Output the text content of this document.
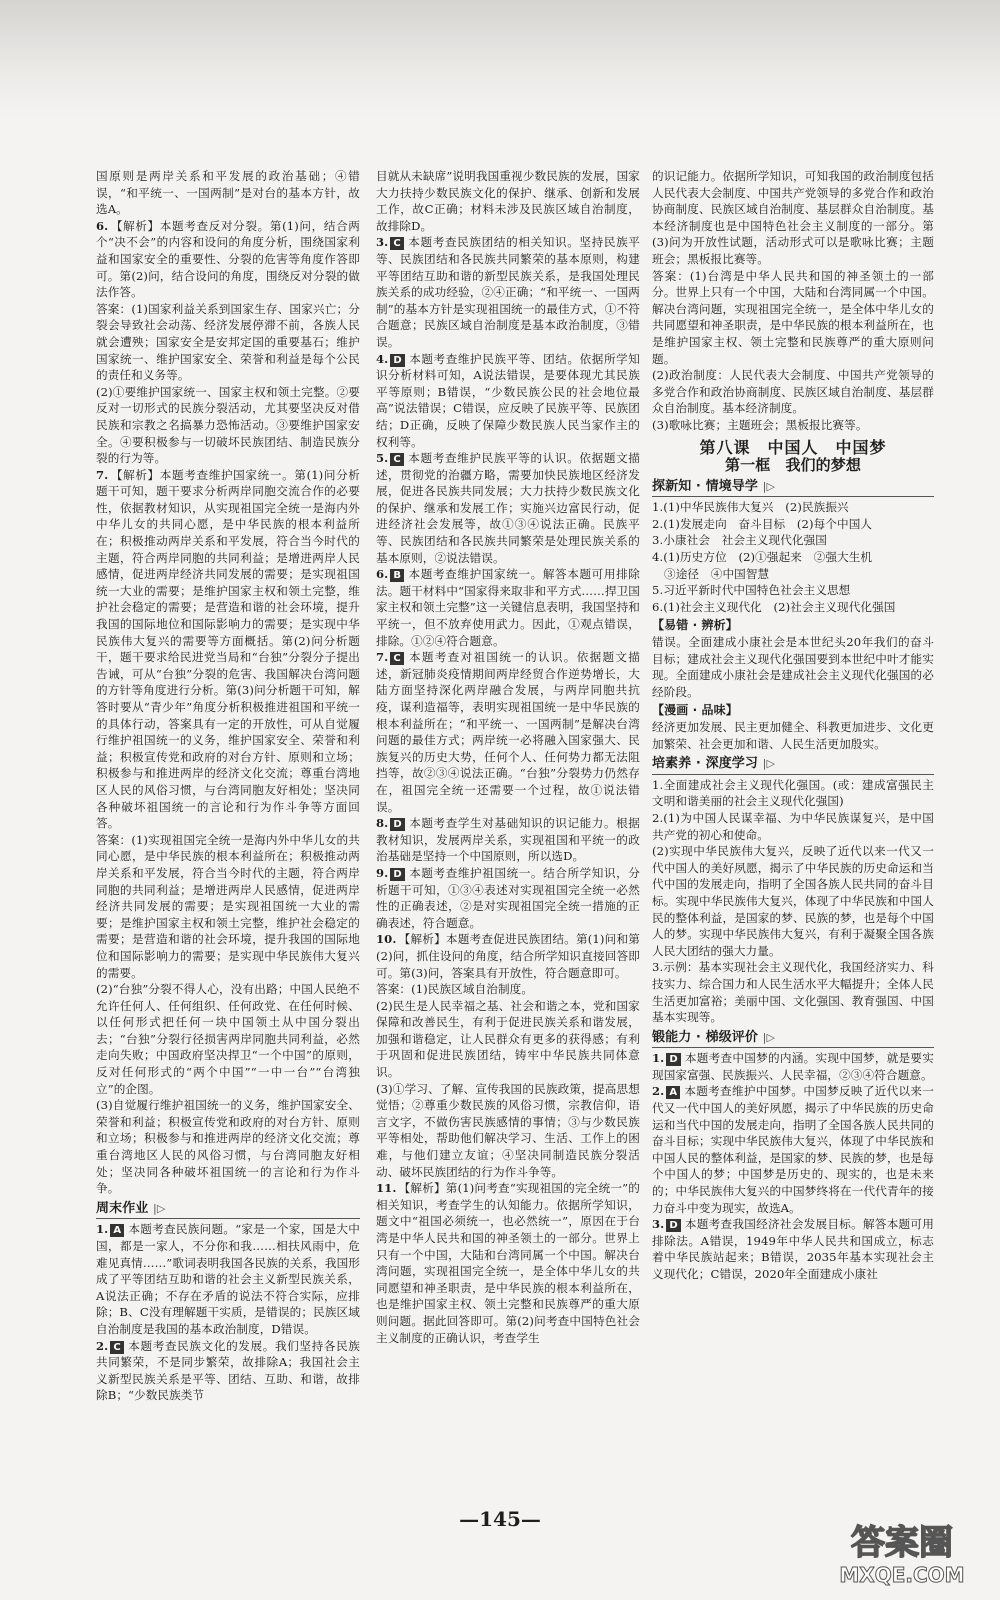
国原则是两岸关系和平发展的政治基础；④错误，“和平统一、一国两制”是对台的基本方针，故选A。

6. 【解析】本题考查反对分裂。第(1)问，结合两个“决不会”的内容和设问的角度分析，围绕国家利益和国家安全的重要性、分裂的危害等角度作答即可。第(2)问，结合设问的角度，围绕反对分裂的做法作答。

答案：(1)国家利益关系到国家生存、国家兴亡；分裂会导致社会动荡、经济发展停滞不前，各族人民就会遭殃；国家安全是安邦定国的重要基石；维护国家统一、维护国家安全、荣誉和利益是每个公民的责任和义务等。

(2)①要维护国家统一、国家主权和领土完整。②要反对一切形式的民族分裂活动，尤其要坚决反对借民族和宗教之名搞暴力恐怖活动。③要维护国家安全。④要积极参与一切破坏民族团结、制造民族分裂的行为等。

7. 【解析】本题考查维护国家统一。第(1)问分析题干可知，题干要求分析两岸同胞交流合作的必要性，依据教材知识，从实现祖国完全统一是海内外中华儿女的共同心愿，是中华民族的根本利益所在；积极推动两岸关系和平发展，符合当今时代的主题，符合两岸同胞的共同利益；是增进两岸人民感情，促进两岸经济共同发展的需要；是实现祖国统一大业的需要；是维护国家主权和领土完整，维护社会稳定的需要；是营造和谐的社会环境，提升我国的国际地位和国际影响力的需要；是实现中华民族伟大复兴的需要等方面概括。第(2)问分析题干，题干要求给民进党当局和“台独”分裂分子提出告诫，可从“台独”分裂的危害、我国解决台湾问题的方针等角度进行分析。第(3)问分析题干可知，解答时要从“青少年”角度分析积极推进祖国和平统一的具体行动，答案具有一定的开放性，可从自觉履行维护祖国统一的义务，维护国家安全、荣誉和利益；积极宣传党和政府的对台方针、原则和立场；积极参与和推进两岸的经济文化交流；尊重台湾地区人民的风俗习惯，与台湾同胞友好相处；坚决同各种破坏祖国统一的言论和行为作斗争等方面回答。

答案：(1)实现祖国完全统一是海内外中华儿女的共同心愿，是中华民族的根本利益所在；积极推动两岸关系和平发展，符合当今时代的主题，符合两岸同胞的共同利益；是增进两岸人民感情，促进两岸经济共同发展的需要；是实现祖国统一大业的需要；是维护国家主权和领土完整，维护社会稳定的需要；是营造和谐的社会环境，提升我国的国际地位和国际影响力的需要；是实现中华民族伟大复兴的需要。

(2)“台独”分裂不得人心，没有出路；中国人民绝不允许任何人、任何组织、任何政党、在任何时候、以任何形式把任何一块中国领土从中国分裂出去；“台独”分裂行径损害两岸同胞共同利益，必然走向失败；中国政府坚决捍卫“一个中国”的原则，反对任何形式的“两个中国”“一中一台”“台湾独立”的企图。

(3)自觉履行维护祖国统一的义务，维护国家安全、荣誉和利益；积极宣传党和政府的对台方针、原则和立场；积极参与和推进两岸的经济文化交流；尊重台湾地区人民的风俗习惯，与台湾同胞友好相处；坚决同各种破坏祖国统一的言论和行为作斗争。

周末作业 |▷

1. A 本题考查民族问题。“家是一个家，国是大中国，都是一家人，不分你和我……相扶风雨中，危难见真情……”歌词表明我国各民族的关系，我国形成了平等团结互助和谐的社会主义新型民族关系，A说法正确；不存在矛盾的说法不符合实际，应排除；B、C没有理解题干实质，是错误的；民族区域自治制度是我国的基本政治制度，D错误。

2. C 本题考查民族文化的发展。我们坚持各民族共同繁荣，不是同步繁荣，故排除A；我国社会主义新型民族关系是平等、团结、互助、和谐，故排除B；“少数民族类节

目就从未缺席”说明我国重视少数民族的发展，国家大力扶持少数民族文化的保护、继承、创新和发展工作，故C正确；材料未涉及民族区域自治制度，故排除D。

3. C 本题考查民族团结的相关知识。坚持民族平等、民族团结和各民族共同繁荣的基本原则，构建平等团结互助和谐的新型民族关系，是我国处理民族关系的成功经验，②④正确；“和平统一、一国两制”的基本方针是实现祖国统一的最佳方式，①不符合题意；民族区域自治制度是基本政治制度，③错误。

4. D 本题考查维护民族平等、团结。依据所学知识分析材料可知，A说法错误，是要体现尤其民族平等原则；B错误，“少数民族公民的社会地位最高”说法错误；C错误，应反映了民族平等、民族团结；D正确，反映了保障少数民族人民当家作主的权利等。

5. C 本题考查维护民族平等的认识。依据题文描述，贯彻党的治疆方略，需要加快民族地区经济发展，促进各民族共同发展；大力扶持少数民族文化的保护、继承和发展工作；实施兴边富民行动，促进经济社会发展等，故①③④说法正确。民族平等、民族团结和各民族共同繁荣是处理民族关系的基本原则，②说法错误。

6. B 本题考查维护国家统一。解答本题可用排除法。题干材料中“国家得来取非和平方式……捍卫国家主权和领土完整”这一关键信息表明，我国坚持和平统一，但不放弃使用武力。因此，①观点错误，排除。①②④符合题意。

7. C 本题考查对祖国统一的认识。依据题文描述，新冠肺炎疫情期间两岸经贸合作逆势增长，大陆方面坚持深化两岸融合发展，与两岸同胞共抗疫，谋利造福等，表明实现祖国统一是中华民族的根本利益所在；“和平统一、一国两制”是解决台湾问题的最佳方式；两岸统一必将融入国家强大、民族复兴的历史大势，任何个人、任何势力都无法阻挡等，故②③④说法正确。“台独”分裂势力仍然存在，祖国完全统一还需要一个过程，故①说法错误。

8. D 本题考查学生对基础知识的识记能力。根据教材知识，发展两岸关系，实现祖国和平统一的政治基础是坚持一个中国原则，所以选D。

9. D 本题考查维护祖国统一。结合所学知识，分析题干可知，①③④表述对实现祖国完全统一必然性的正确表述，②是对实现祖国完全统一措施的正确表述，符合题意。

10. 【解析】本题考查促进民族团结。第(1)问和第(2)问，抓住设问的角度，结合所学知识直接回答即可。第(3)问，答案具有开放性，符合题意即可。

答案：(1)民族区域自治制度。

(2)民生是人民幸福之基、社会和谐之本，党和国家保障和改善民生，有利于促进民族关系和谐发展，加强和谐稳定，让人民群众有更多的获得感；有利于巩固和促进民族团结，铸牢中华民族共同体意识。

(3)①学习、了解、宣传我国的民族政策，提高思想觉悟；②尊重少数民族的风俗习惯，宗教信仰，语言文字，不做伤害民族感情的事情；③与少数民族平等相处，帮助他们解决学习、生活、工作上的困难，与他们建立友谊；④坚决同制造民族分裂活动、破坏民族团结的行为作斗争等。

11. 【解析】第(1)问考查“实现祖国的完全统一”的相关知识，考查学生的认知能力。依据所学知识，题文中“祖国必须统一，也必然统一”，原因在于台湾是中华人民共和国的神圣领土的一部分。世界上只有一个中国，大陆和台湾同属一个中国。解决台湾问题，实现祖国完全统一，是全体中华儿女的共同愿望和神圣职责，是中华民族的根本利益所在，也是维护国家主权、领土完整和民族尊严的重大原则问题。据此回答即可。第(2)问考查中国特色社会主义制度的正确认识，考查学生

的识记能力。依据所学知识，可知我国的政治制度包括人民代表大会制度、中国共产党领导的多党合作和政治协商制度、民族区域自治制度、基层群众自治制度。基本经济制度也是中国特色社会主义制度的一部分。第(3)问为开放性试题，活动形式可以是歌咏比赛；主题班会；黑板报比赛等。

答案：(1)台湾是中华人民共和国的神圣领土的一部分。世界上只有一个中国，大陆和台湾同属一个中国。解决台湾问题，实现祖国完全统一，是全体中华儿女的共同愿望和神圣职责，是中华民族的根本利益所在，也是维护国家主权、领土完整和民族尊严的重大原则问题。

(2)政治制度：人民代表大会制度、中国共产党领导的多党合作和政治协商制度、民族区域自治制度、基层群众自治制度。基本经济制度。

(3)歌咏比赛；主题班会；黑板报比赛等。

第八课　中国人　中国梦
第一框　我们的梦想
探新知 · 情境导学 |▷

1.(1)中华民族伟大复兴　(2)民族振兴

2.(1)发展走向　奋斗目标　(2)每个中国人

3.小康社会　社会主义现代化强国

4.(1)历史方位　(2)①强起来　②强大生机

③途径　④中国智慧

5.习近平新时代中国特色社会主义思想

6.(1)社会主义现代化　(2)社会主义现代化强国

【易错 · 辨析】

错误。全面建成小康社会是本世纪头20年我们的奋斗目标；建成社会主义现代化强国要到本世纪中叶才能实现。全面建成小康社会是建成社会主义现代化强国的必经阶段。

【漫画 · 品味】

经济更加发展、民主更加健全、科教更加进步、文化更加繁荣、社会更加和谐、人民生活更加殷实。

培素养 · 深度学习 |▷

1.全面建成社会主义现代化强国。(或：建成富强民主文明和谐美丽的社会主义现代化强国)

2.(1)为中国人民谋幸福、为中华民族谋复兴，是中国共产党的初心和使命。

(2)实现中华民族伟大复兴，反映了近代以来一代又一代中国人的美好夙愿，揭示了中华民族的历史命运和当代中国的发展走向，指明了全国各族人民共同的奋斗目标。实现中华民族伟大复兴，体现了中华民族和中国人民的整体利益，是国家的梦、民族的梦，也是每个中国人的梦。实现中华民族伟大复兴，有利于凝聚全国各族人民大团结的强大力量。

3.示例：基本实现社会主义现代化，我国经济实力、科技实力、综合国力和人民生活水平大幅提升；全体人民生活更加富裕；美丽中国、文化强国、教育强国、中国基本实现等。

锻能力 · 梯级评价 |▷

1. D 本题考查中国梦的内涵。实现中国梦，就是要实现国家富强、民族振兴、人民幸福，②③④符合题意。

2. A 本题考查维护中国梦。中国梦反映了近代以来一代又一代中国人的美好夙愿，揭示了中华民族的历史命运和当代中国的发展走向，指明了全国各族人民共同的奋斗目标；实现中华民族伟大复兴，体现了中华民族和中国人民的整体利益，是国家的梦、民族的梦，也是每个中国人的梦；中国梦是历史的、现实的，也是未来的；中华民族伟大复兴的中国梦终将在一代代青年的接力奋斗中变为现实，故选A。

3. D 本题考查我国经济社会发展目标。解答本题可用排除法。A错误，1949年中华人民共和国成立，标志着中华民族站起来；B错误，2035年基本实现社会主义现代化；C错误，2020年全面建成小康社

—145—
答案圈
MXQE.COM
